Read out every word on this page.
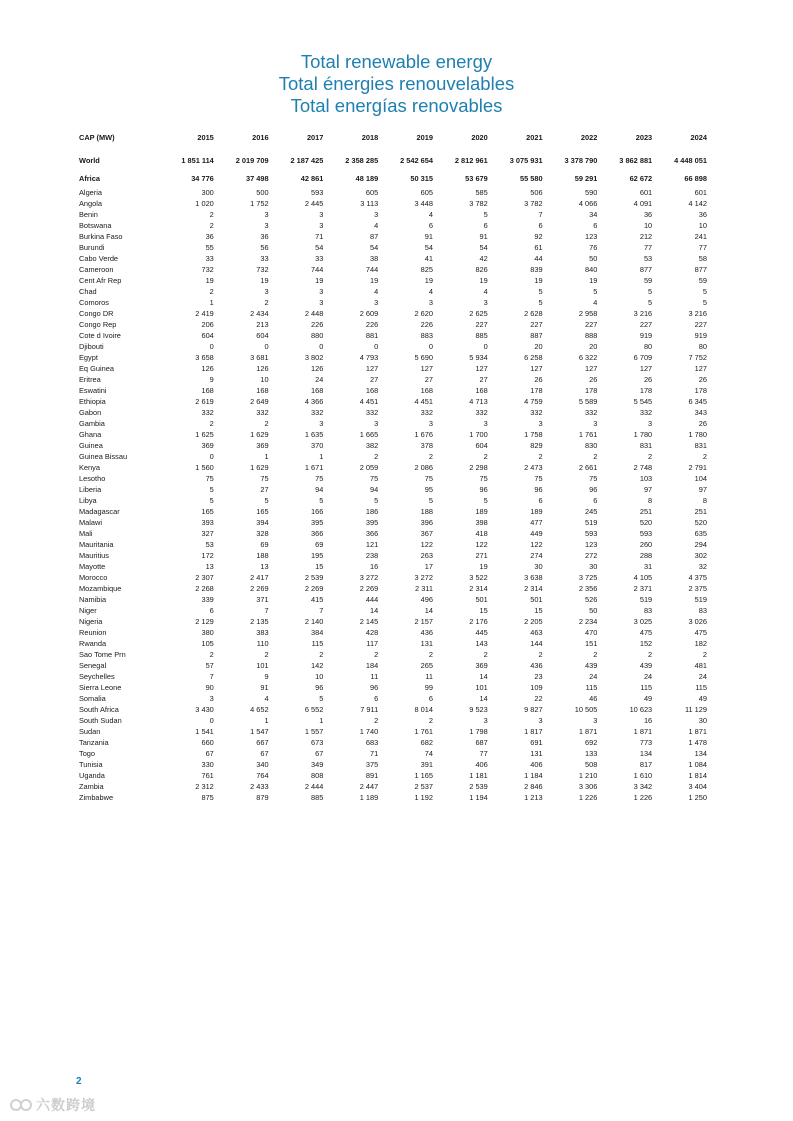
Total renewable energy
Total énergies renouvelables
Total energías renovables
CAP (MW)	2015	2016	2017	2018	2019	2020	2021	2022	2023	2024

World	1 851 114	2 019 709	2 187 425	2 358 285	2 542 654	2 812 961	3 075 931	3 378 790	3 862 881	4 448 051

Africa	34 776	37 498	42 861	48 189	50 315	53 679	55 580	59 291	62 672	66 898

Algeria	300	500	593	605	605	585	506	590	601	601
Angola	1 020	1 752	2 445	3 113	3 448	3 782	3 782	4 066	4 091	4 142
Benin	2	3	3	3	4	5	7	34	36	36
Botswana	2	3	3	4	6	6	6	6	10	10
Burkina Faso	36	36	71	87	91	91	92	123	212	241
Burundi	55	56	54	54	54	54	61	76	77	77
Cabo Verde	33	33	33	38	41	42	44	50	53	58
Cameroon	732	732	744	744	825	826	839	840	877	877
Cent Afr Rep	19	19	19	19	19	19	19	19	59	59
Chad	2	3	3	4	4	4	5	5	5	5
Comoros	1	2	3	3	3	3	5	4	5	5
Congo DR	2 419	2 434	2 448	2 609	2 620	2 625	2 628	2 958	3 216	3 216
Congo Rep	206	213	226	226	226	227	227	227	227	227
Cote d Ivoire	604	604	880	881	883	885	887	888	919	919
Djibouti	0	0	0	0	0	0	20	20	80	80
Egypt	3 658	3 681	3 802	4 793	5 690	5 934	6 258	6 322	6 709	7 752
Eq Guinea	126	126	126	127	127	127	127	127	127	127
Eritrea	9	10	24	27	27	27	26	26	26	26
Eswatini	168	168	168	168	168	168	178	178	178	178
Ethiopia	2 619	2 649	4 366	4 451	4 451	4 713	4 759	5 589	5 545	6 345
Gabon	332	332	332	332	332	332	332	332	332	343
Gambia	2	2	3	3	3	3	3	3	3	26
Ghana	1 625	1 629	1 635	1 665	1 676	1 700	1 758	1 761	1 780	1 780
Guinea	369	369	370	382	378	604	829	830	831	831
Guinea Bissau	0	1	1	2	2	2	2	2	2	2
Kenya	1 560	1 629	1 671	2 059	2 086	2 298	2 473	2 661	2 748	2 791
Lesotho	75	75	75	75	75	75	75	75	103	104
Liberia	5	27	94	94	95	96	96	96	97	97
Libya	5	5	5	5	5	5	6	6	8	8
Madagascar	165	165	166	186	188	189	189	245	251	251
Malawi	393	394	395	395	396	398	477	519	520	520
Mali	327	328	366	366	367	418	449	593	593	635
Mauritania	53	69	69	121	122	122	122	123	260	294
Mauritius	172	188	195	238	263	271	274	272	288	302
Mayotte	13	13	15	16	17	19	30	30	31	32
Morocco	2 307	2 417	2 539	3 272	3 272	3 522	3 638	3 725	4 105	4 375
Mozambique	2 268	2 269	2 269	2 269	2 311	2 314	2 314	2 356	2 371	2 375
Namibia	339	371	415	444	496	501	501	526	519	519
Niger	6	7	7	14	14	15	15	50	83	83
Nigeria	2 129	2 135	2 140	2 145	2 157	2 176	2 205	2 234	3 025	3 026
Reunion	380	383	384	428	436	445	463	470	475	475
Rwanda	105	110	115	117	131	143	144	151	152	182
Sao Tome Prn	2	2	2	2	2	2	2	2	2	2
Senegal	57	101	142	184	265	369	436	439	439	481
Seychelles	7	9	10	11	11	14	23	24	24	24
Sierra Leone	90	91	96	96	99	101	109	115	115	115
Somalia	3	4	5	6	6	14	22	46	49	49
South Africa	3 430	4 652	6 552	7 911	8 014	9 523	9 827	10 505	10 623	11 129
South Sudan	0	1	1	2	2	3	3	3	16	30
Sudan	1 541	1 547	1 557	1 740	1 761	1 798	1 817	1 871	1 871	1 871
Tanzania	660	667	673	683	682	687	691	692	773	1 478
Togo	67	67	67	71	74	77	131	133	134	134
Tunisia	330	340	349	375	391	406	406	508	817	1 084
Uganda	761	764	808	891	1 165	1 181	1 184	1 210	1 610	1 814
Zambia	2 312	2 433	2 444	2 447	2 537	2 539	2 846	3 306	3 342	3 404
Zimbabwe	875	879	885	1 189	1 192	1 194	1 213	1 226	1 226	1 250
2
六数跨境
